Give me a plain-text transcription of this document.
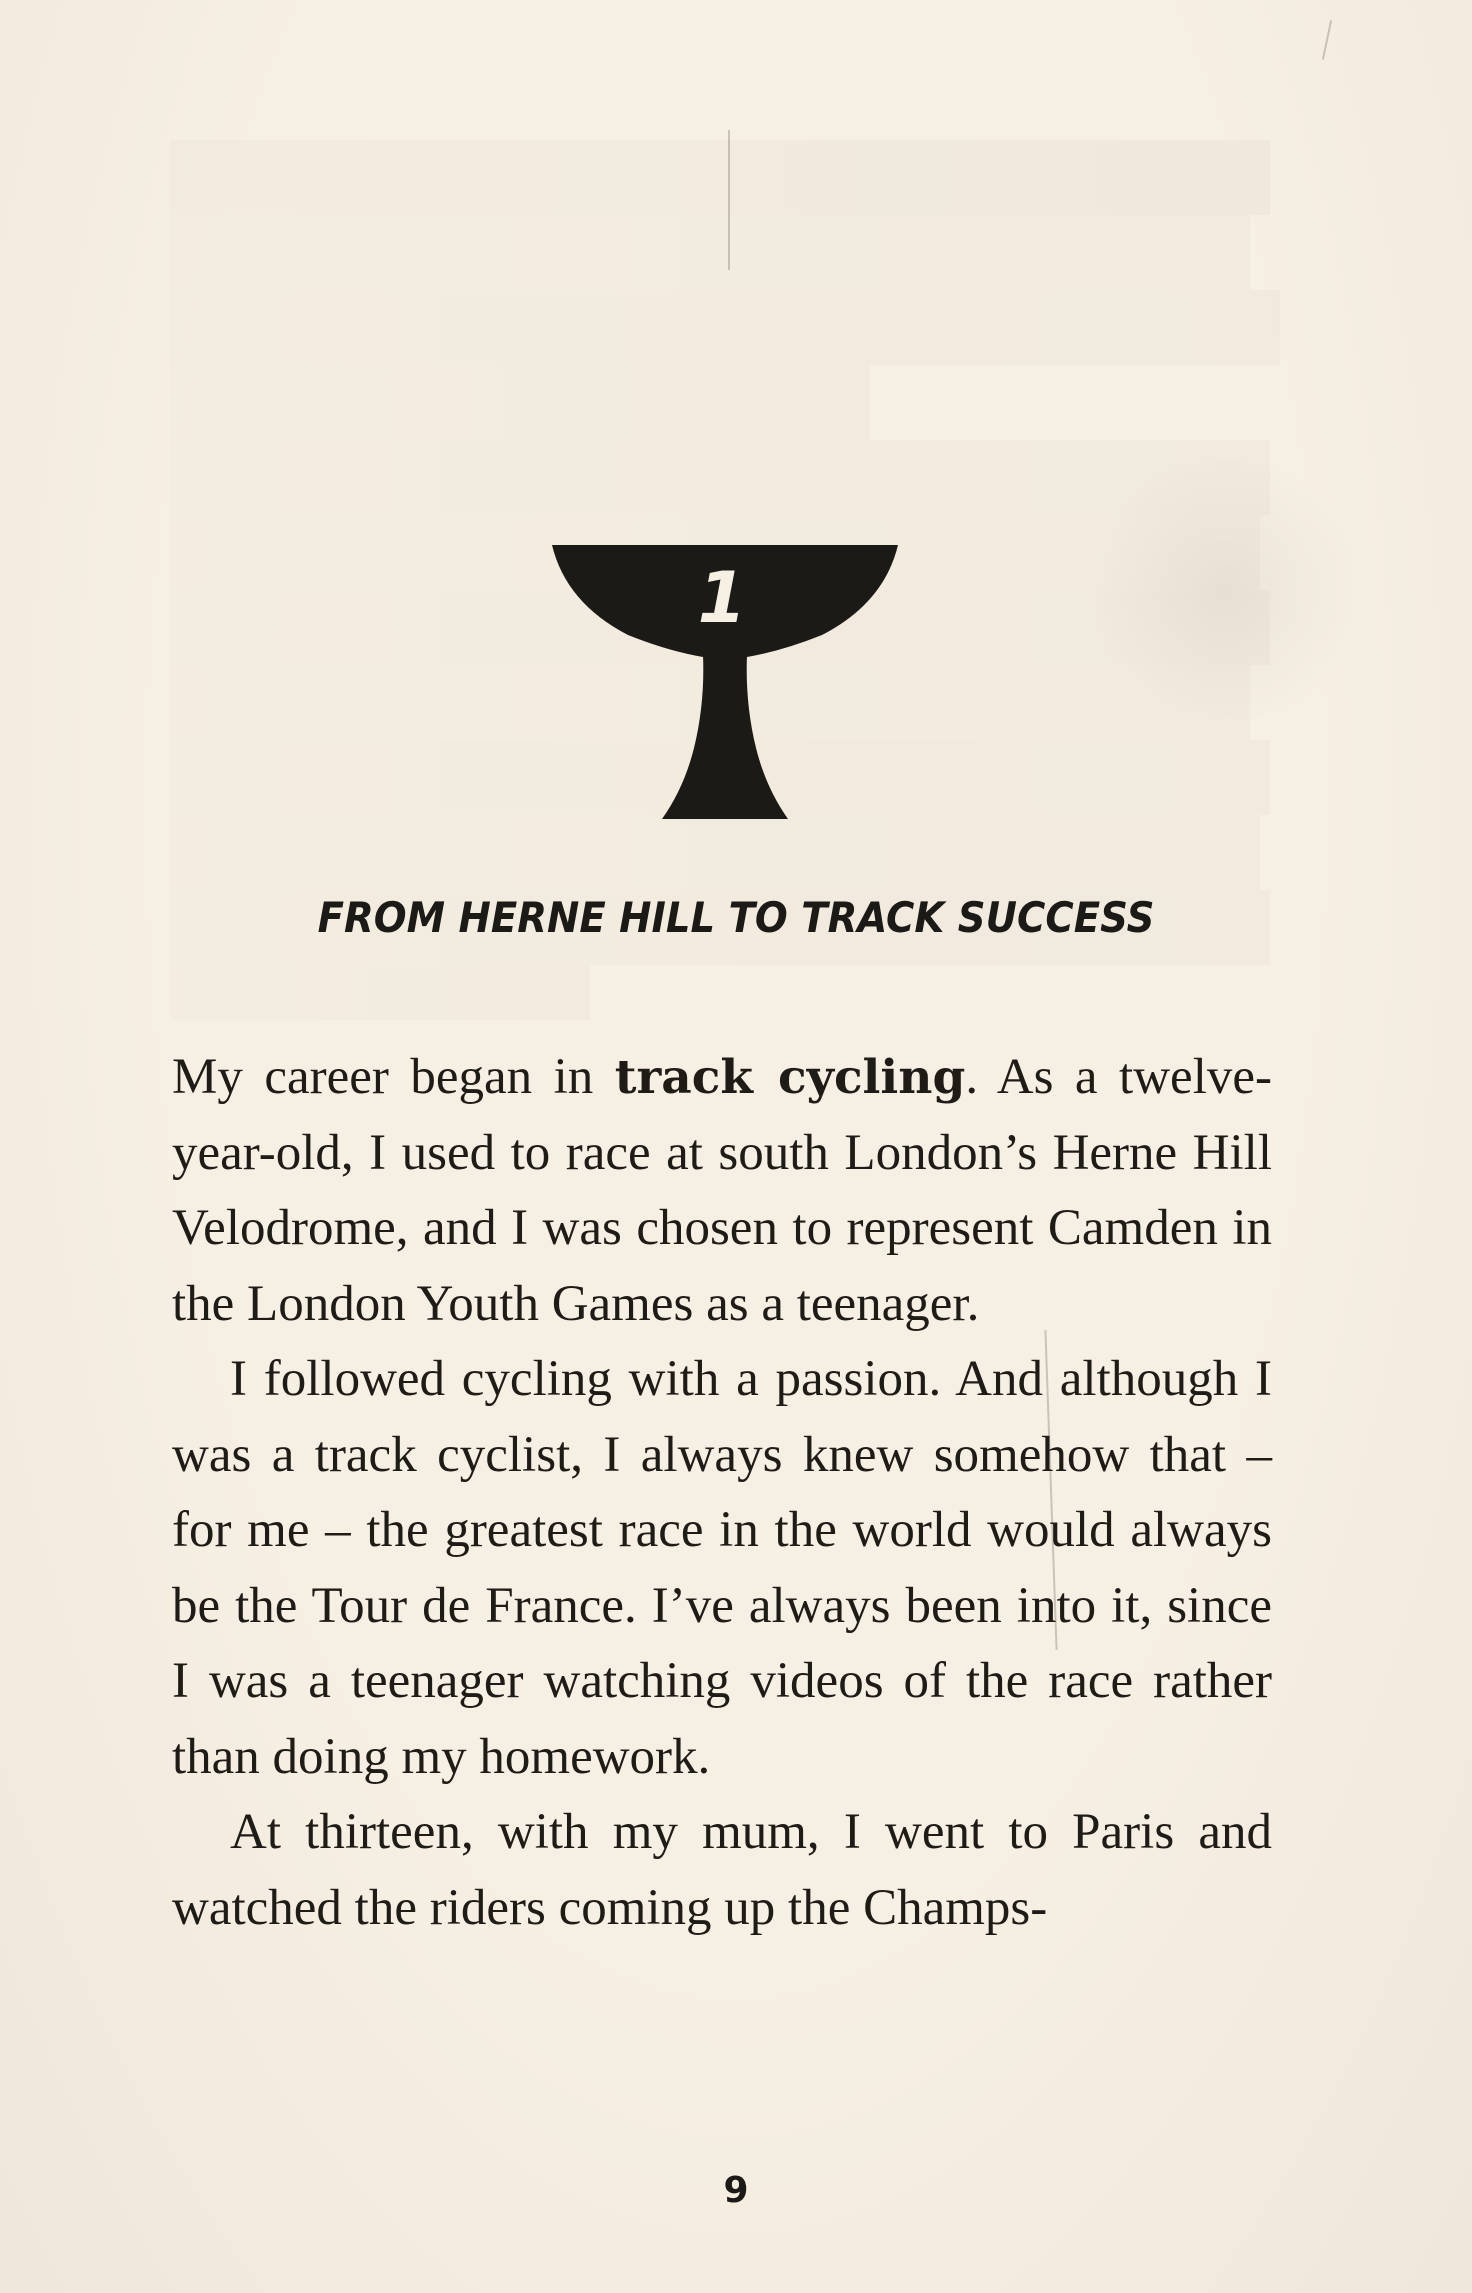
1
FROM HERNE HILL TO TRACK SUCCESS

My career began in track cycling. As a twelve-year-old, I used to race at south London’s Herne Hill Velodrome, and I was chosen to represent Camden in the London Youth Games as a teenager.

I followed cycling with a passion. And although I was a track cyclist, I always knew somehow that – for me – the greatest race in the world would always be the Tour de France. I’ve always been into it, since I was a teenager watching videos of the race rather than doing my homework.

At thirteen, with my mum, I went to Paris and watched the riders coming up the Champs-

9
